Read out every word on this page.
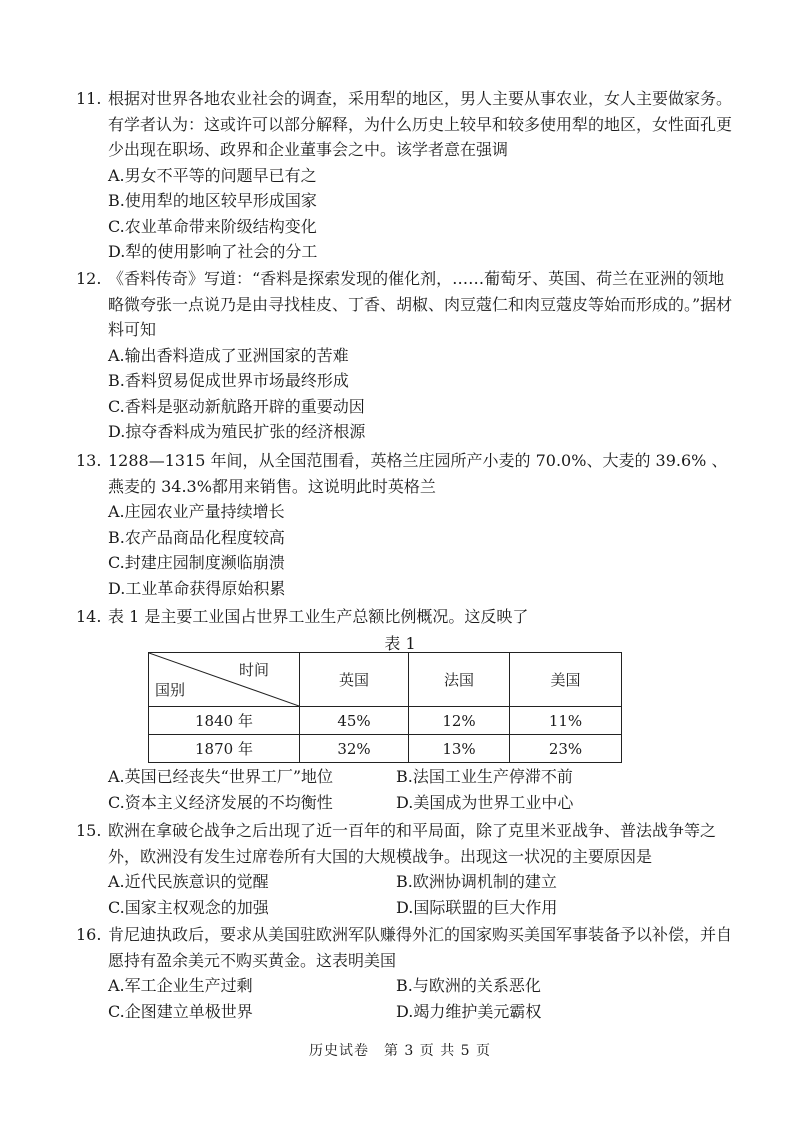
11. 根据对世界各地农业社会的调查，采用犁的地区，男人主要从事农业，女人主要做家务。有学者认为：这或许可以部分解释，为什么历史上较早和较多使用犁的地区，女性面孔更少出现在职场、政界和企业董事会之中。该学者意在强调
A.男女不平等的问题早已有之
B.使用犁的地区较早形成国家
C.农业革命带来阶级结构变化
D.犁的使用影响了社会的分工
12. 《香料传奇》写道：“香料是探索发现的催化剂，……葡萄牙、英国、荷兰在亚洲的领地略微夸张一点说乃是由寻找桂皮、丁香、胡椒、肉豆蔻仁和肉豆蔻皮等始而形成的。”据材料可知
A.输出香料造成了亚洲国家的苦难
B.香料贸易促成世界市场最终形成
C.香料是驱动新航路开辟的重要动因
D.掠夺香料成为殖民扩张的经济根源
13. 1288—1315 年间，从全国范围看，英格兰庄园所产小麦的 70.0%、大麦的 39.6% 、燕麦的 34.3%都用来销售。这说明此时英格兰
A.庄园农业产量持续增长
B.农产品商品化程度较高
C.封建庄园制度濒临崩溃
D.工业革命获得原始积累
14. 表 1 是主要工业国占世界工业生产总额比例概况。这反映了
表 1
时间
国别	英国	法国	美国
1840 年	45%	12%	11%
1870 年	32%	13%	23%
A.英国已经丧失“世界工厂”地位	B.法国工业生产停滞不前
C.资本主义经济发展的不均衡性	D.美国成为世界工业中心
15. 欧洲在拿破仑战争之后出现了近一百年的和平局面，除了克里米亚战争、普法战争等之外，欧洲没有发生过席卷所有大国的大规模战争。出现这一状况的主要原因是
A.近代民族意识的觉醒	B.欧洲协调机制的建立
C.国家主权观念的加强	D.国际联盟的巨大作用
16. 肯尼迪执政后，要求从美国驻欧洲军队赚得外汇的国家购买美国军事装备予以补偿，并自愿持有盈余美元不购买黄金。这表明美国
A.军工企业生产过剩	B.与欧洲的关系恶化
C.企图建立单极世界	D.竭力维护美元霸权
历史试卷　第 3 页 共 5 页
